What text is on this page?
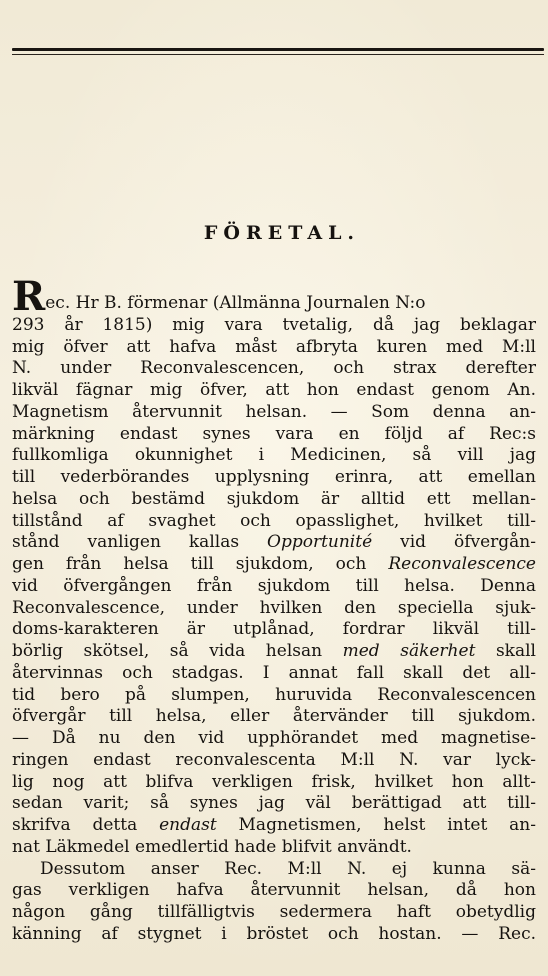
FÖRETAL.
Rec. Hr B. förmenar (Allmänna Journalen N:o
293 år 1815) mig vara tvetalig, då jag beklagar
mig öfver att hafva måst afbryta kuren med M:ll
N. under Reconvalescencen, och strax derefter
likväl fägnar mig öfver, att hon endast genom An.
Magnetism återvunnit helsan. — Som denna an-
märkning endast synes vara en följd af Rec:s
fullkomliga okunnighet i Medicinen, så vill jag
till vederbörandes upplysning erinra, att emellan
helsa och bestämd sjukdom är alltid ett mellan-
tillstånd af svaghet och opasslighet, hvilket till-
stånd vanligen kallas Opportunité vid öfvergån-
gen från helsa till sjukdom, och Reconvalescence
vid öfvergången från sjukdom till helsa. Denna
Reconvalescence, under hvilken den speciella sjuk-
doms-karakteren är utplånad, fordrar likväl till-
börlig skötsel, så vida helsan med säkerhet skall
återvinnas och stadgas. I annat fall skall det all-
tid bero på slumpen, huruvida Reconvalescencen
öfvergår till helsa, eller återvänder till sjukdom.
— Då nu den vid upphörandet med magnetise-
ringen endast reconvalescenta M:ll N. var lyck-
lig nog att blifva verkligen frisk, hvilket hon allt-
sedan varit; så synes jag väl berättigad att till-
skrifva detta endast Magnetismen, helst intet an-
nat Läkmedel emedlertid hade blifvit användt.
Dessutom anser Rec. M:ll N. ej kunna sä-
gas verkligen hafva återvunnit helsan, då hon
någon gång tillfälligtvis sedermera haft obetydlig
känning af stygnet i bröstet och hostan. — Rec.
